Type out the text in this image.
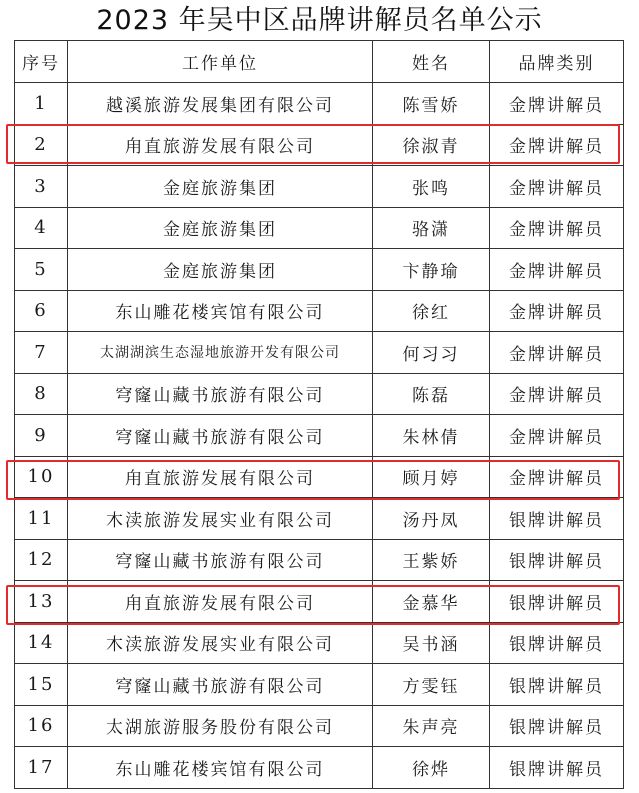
2023 年吴中区品牌讲解员名单公示
序号	工作单位	姓名	品牌类别
1	越溪旅游发展集团有限公司	陈雪娇	金牌讲解员
2	甪直旅游发展有限公司	徐淑青	金牌讲解员
3	金庭旅游集团	张鸣	金牌讲解员
4	金庭旅游集团	骆潇	金牌讲解员
5	金庭旅游集团	卞静瑜	金牌讲解员
6	东山雕花楼宾馆有限公司	徐红	金牌讲解员
7	太湖湖滨生态湿地旅游开发有限公司	何习习	金牌讲解员
8	穹窿山藏书旅游有限公司	陈磊	金牌讲解员
9	穹窿山藏书旅游有限公司	朱林倩	金牌讲解员
10	甪直旅游发展有限公司	顾月婷	金牌讲解员
11	木渎旅游发展实业有限公司	汤丹凤	银牌讲解员
12	穹窿山藏书旅游有限公司	王紫娇	银牌讲解员
13	甪直旅游发展有限公司	金慕华	银牌讲解员
14	木渎旅游发展实业有限公司	吴书涵	银牌讲解员
15	穹窿山藏书旅游有限公司	方雯钰	银牌讲解员
16	太湖旅游服务股份有限公司	朱声亮	银牌讲解员
17	东山雕花楼宾馆有限公司	徐烨	银牌讲解员
